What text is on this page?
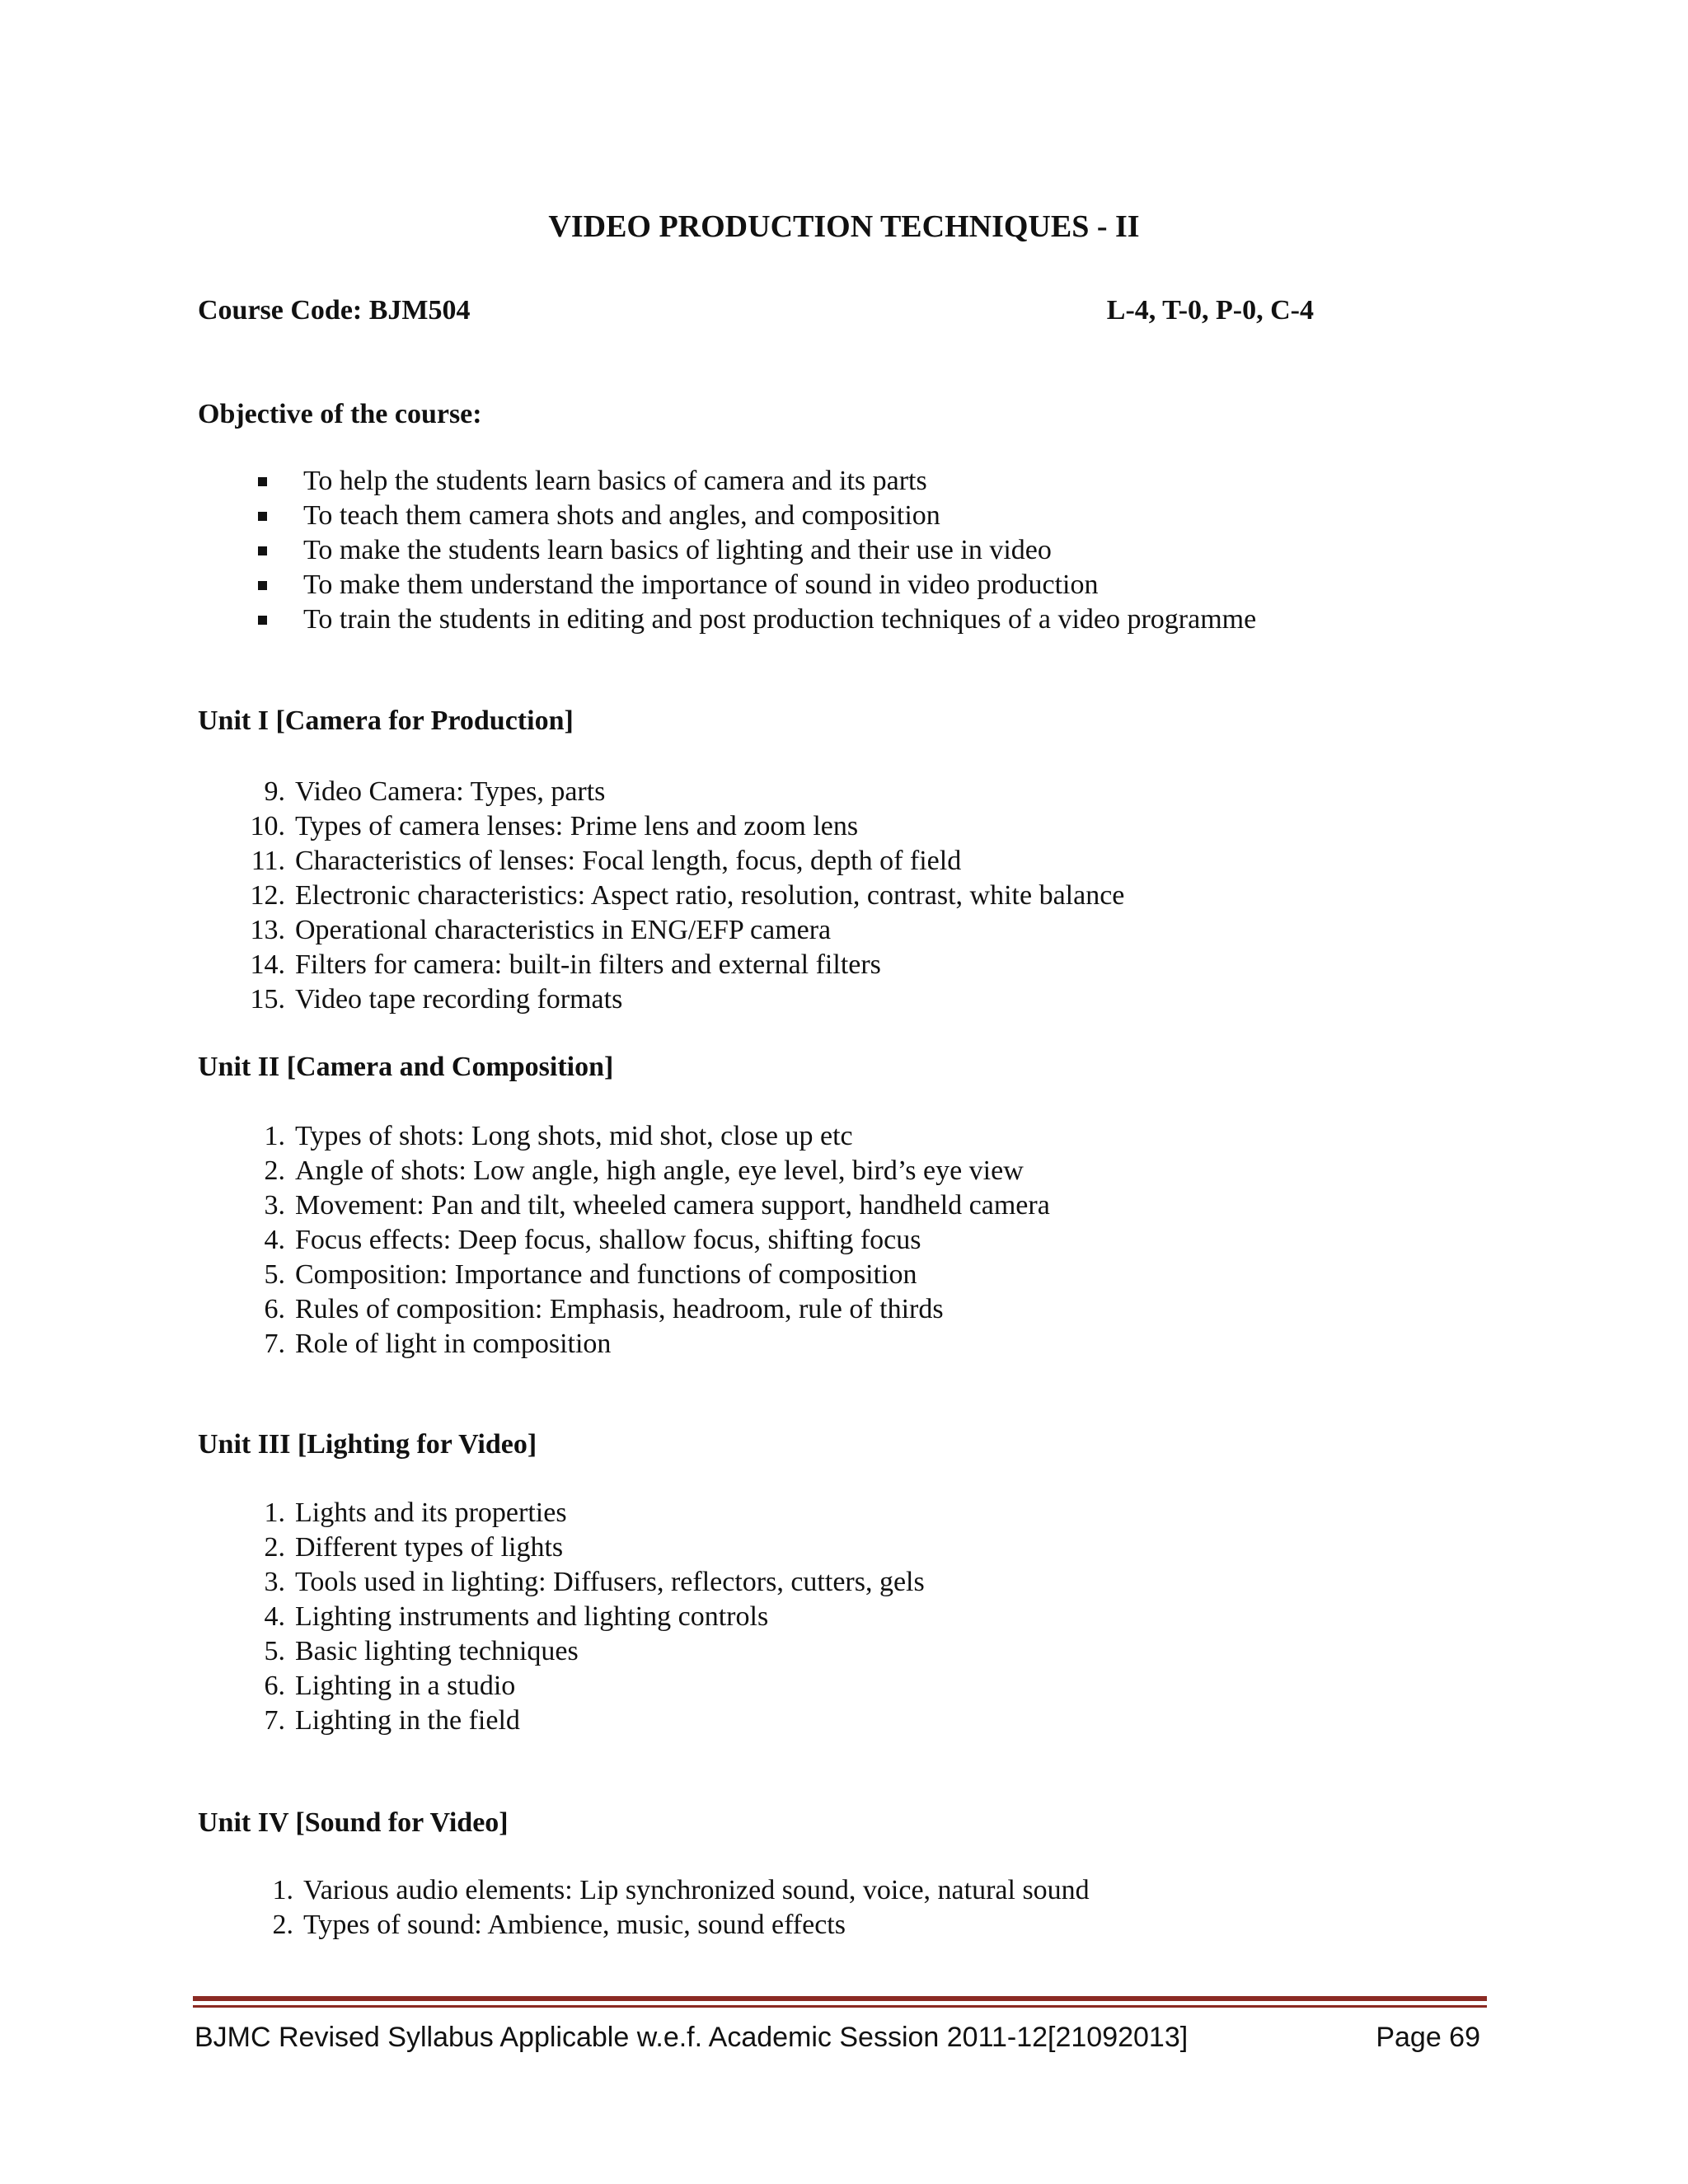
VIDEO PRODUCTION TECHNIQUES - II
Course Code: BJM504	L-4, T-0, P-0, C-4
Objective of the course:
To help the students learn basics of camera and its parts
To teach them camera shots and angles, and composition
To make the students learn basics of lighting and their use in video
To make them understand the importance of sound in video production
To train the students in editing and post production techniques of a video programme
Unit I [Camera for Production]
9. Video Camera: Types, parts
10. Types of camera lenses: Prime lens and zoom lens
11. Characteristics of lenses: Focal length, focus, depth of field
12. Electronic characteristics: Aspect ratio, resolution, contrast, white balance
13. Operational characteristics in ENG/EFP camera
14. Filters for camera: built-in filters and external filters
15. Video tape recording formats
Unit II [Camera and Composition]
1. Types of shots: Long shots, mid shot, close up etc
2. Angle of shots: Low angle, high angle, eye level, bird’s eye view
3. Movement: Pan and tilt, wheeled camera support, handheld camera
4. Focus effects: Deep focus, shallow focus, shifting focus
5. Composition: Importance and functions of composition
6. Rules of composition: Emphasis, headroom, rule of thirds
7. Role of light in composition
Unit III [Lighting for Video]
1. Lights and its properties
2. Different types of lights
3. Tools used in lighting: Diffusers, reflectors, cutters, gels
4. Lighting instruments and lighting controls
5. Basic lighting techniques
6. Lighting in a studio
7. Lighting in the field
Unit IV [Sound for Video]
1. Various audio elements: Lip synchronized sound, voice, natural sound
2. Types of sound: Ambience, music, sound effects
BJMC Revised Syllabus Applicable w.e.f. Academic Session 2011-12[21092013]	Page 69
